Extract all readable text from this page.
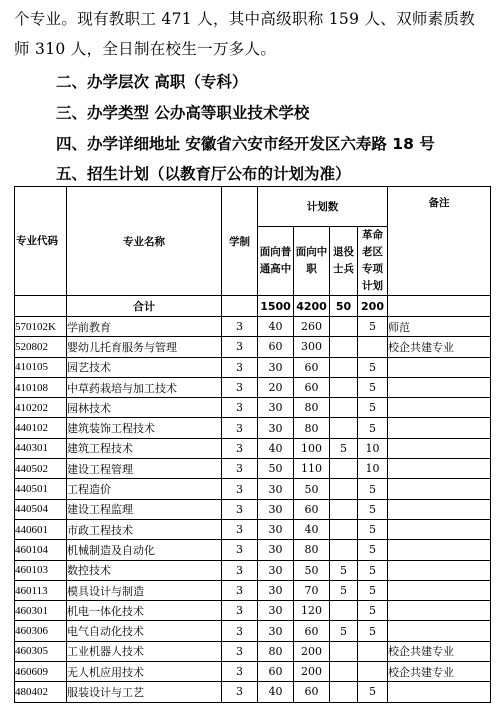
个专业。现有教职工 471 人，其中高级职称 159 人、双师素质教
师 310 人，全日制在校生一万多人。
二、办学层次 高职（专科）
三、办学类型 公办高等职业技术学校
四、办学详细地址 安徽省六安市经开发区六寿路 18 号
五、招生计划（以教育厅公布的计划为准）
专业代码	专业名称	学制	计划数				备注
			面向普通高中	面向中职	退役士兵	革命老区专项计划	
	合计		1500	4200	50	200	
570102K	学前教育	3	40	260		5	师范
520802	婴幼儿托育服务与管理	3	60	300			校企共建专业
410105	园艺技术	3	30	60		5	
410108	中草药栽培与加工技术	3	20	60		5	
410202	园林技术	3	30	80		5	
440102	建筑装饰工程技术	3	30	80		5	
440301	建筑工程技术	3	40	100	5	10	
440502	建设工程管理	3	50	110		10	
440501	工程造价	3	30	50		5	
440504	建设工程监理	3	30	60		5	
440601	市政工程技术	3	30	40		5	
460104	机械制造及自动化	3	30	80		5	
460103	数控技术	3	30	50	5	5	
460113	模具设计与制造	3	30	70	5	5	
460301	机电一体化技术	3	30	120		5	
460306	电气自动化技术	3	30	60	5	5	
460305	工业机器人技术	3	80	200			校企共建专业
460609	无人机应用技术	3	60	200			校企共建专业
480402	服装设计与工艺	3	40	60		5	
